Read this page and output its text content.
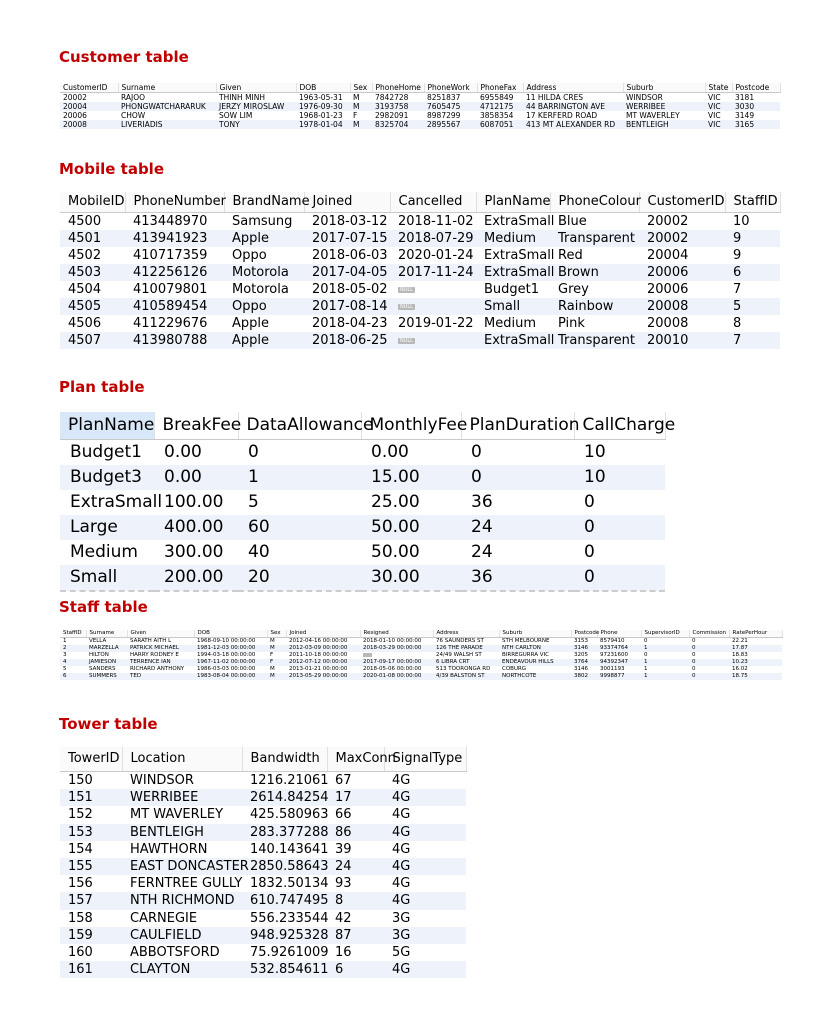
Customer table
CustomerID	Surname	Given	DOB	Sex	PhoneHome	PhoneWork	PhoneFax	Address	Suburb	State	Postcode
20002	RAJOO	THINH MINH	1963-05-31	M	7842728	8251837	6955849	11 HILDA CRES	WINDSOR	VIC	3181
20004	PHONGWATCHARARUK	JERZY MIROSLAW	1976-09-30	M	3193758	7605475	4712175	44 BARRINGTON AVE	WERRIBEE	VIC	3030
20006	CHOW	SOW LIM	1968-01-23	F	2982091	8987299	3858354	17 KERFERD ROAD	MT WAVERLEY	VIC	3149
20008	LIVERIADIS	TONY	1978-01-04	M	8325704	2895567	6087051	413 MT ALEXANDER RD	BENTLEIGH	VIC	3165
Mobile table
MobileID	PhoneNumber	BrandName	Joined	Cancelled	PlanName	PhoneColour	CustomerID	StaffID
4500	413448970	Samsung	2018-03-12	2018-11-02	ExtraSmall	Blue	20002	10
4501	413941923	Apple	2017-07-15	2018-07-29	Medium	Transparent	20002	9
4502	410717359	Oppo	2018-06-03	2020-01-24	ExtraSmall	Red	20004	9
4503	412256126	Motorola	2017-04-05	2017-11-24	ExtraSmall	Brown	20006	6
4504	410079801	Motorola	2018-05-02	NULL	Budget1	Grey	20006	7
4505	410589454	Oppo	2017-08-14	NULL	Small	Rainbow	20008	5
4506	411229676	Apple	2018-04-23	2019-01-22	Medium	Pink	20008	8
4507	413980788	Apple	2018-06-25	NULL	ExtraSmall	Transparent	20010	7
Plan table
PlanName	BreakFee	DataAllowance	MonthlyFee	PlanDuration	CallCharge
Budget1	0.00	0	0.00	0	10
Budget3	0.00	1	15.00	0	10
ExtraSmall	100.00	5	25.00	36	0
Large	400.00	60	50.00	24	0
Medium	300.00	40	50.00	24	0
Small	200.00	20	30.00	36	0
Staff table
StaffID	Surname	Given	DOB	Sex	Joined	Resigned	Address	Suburb	Postcode	Phone	SupervisorID	Commission	RatePerHour
1	VELLA	SARATH AITH L	1968-09-10 00:00:00	M	2012-04-16 00:00:00	2018-01-10 00:00:00	76 SAUNDERS ST	STH MELBOURNE	3153	8579410	0	0	22.21
2	MARZELLA	PATRICK MICHAEL	1981-12-03 00:00:00	M	2012-03-09 00:00:00	2018-03-29 00:00:00	126 THE PARADE	NTH CARLTON	3146	93374764	1	0	17.87
3	HILTON	HARRY RODNEY E	1994-03-18 00:00:00	F	2011-10-18 00:00:00		24/49 WALSH ST	BIRREGURRA VIC	3205	97231600	0	0	18.83
4	JAMIESON	TERRENCE IAN	1967-11-02 00:00:00	F	2012-07-12 00:00:00	2017-09-17 00:00:00	6 LIBRA CRT	ENDEAVOUR HILLS	3764	94392347	1	0	10.23
5	SANDERS	RICHARD ANTHONY	1986-03-03 00:00:00	M	2013-01-21 00:00:00	2018-05-06 00:00:00	513 TOORONGA RD	COBURG	3146	3001193	1	0	16.02
6	SUMMERS	TED	1983-08-04 00:00:00	M	2013-05-29 00:00:00	2020-01-08 00:00:00	4/39 BALSTON ST	NORTHCOTE	3802	9998877	1	0	18.75
Tower table
TowerID	Location	Bandwidth	MaxConn	SignalType
150	WINDSOR	1216.21061	67	4G
151	WERRIBEE	2614.84254	17	4G
152	MT WAVERLEY	425.580963	66	4G
153	BENTLEIGH	283.377288	86	4G
154	HAWTHORN	140.143641	39	4G
155	EAST DONCASTER	2850.58643	24	4G
156	FERNTREE GULLY	1832.50134	93	4G
157	NTH RICHMOND	610.747495	8	4G
158	CARNEGIE	556.233544	42	3G
159	CAULFIELD	948.925328	87	3G
160	ABBOTSFORD	75.9261009	16	5G
161	CLAYTON	532.854611	6	4G
